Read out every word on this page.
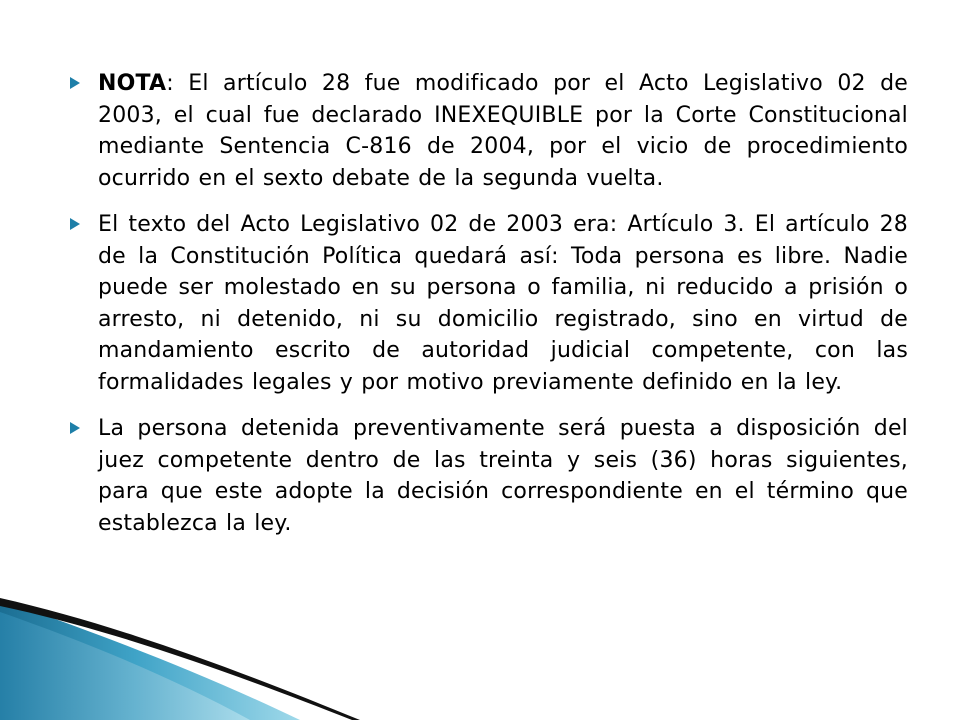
NOTA: El artículo 28 fue modificado por el Acto Legislativo 02 de 2003, el cual fue declarado INEXEQUIBLE por la Corte Constitucional mediante Sentencia C-816 de 2004, por el vicio de procedimiento ocurrido en el sexto debate de la segunda vuelta.
El texto del Acto Legislativo 02 de 2003 era: Artículo 3. El artículo 28 de la Constitución Política quedará así: Toda persona es libre. Nadie puede ser molestado en su persona o familia, ni reducido a prisión o arresto, ni detenido, ni su domicilio registrado, sino en virtud de mandamiento escrito de autoridad judicial competente, con las formalidades legales y por motivo previamente definido en la ley.
La persona detenida preventivamente será puesta a disposición del juez competente dentro de las treinta y seis (36) horas siguientes, para que este adopte la decisión correspondiente en el término que establezca la ley.
